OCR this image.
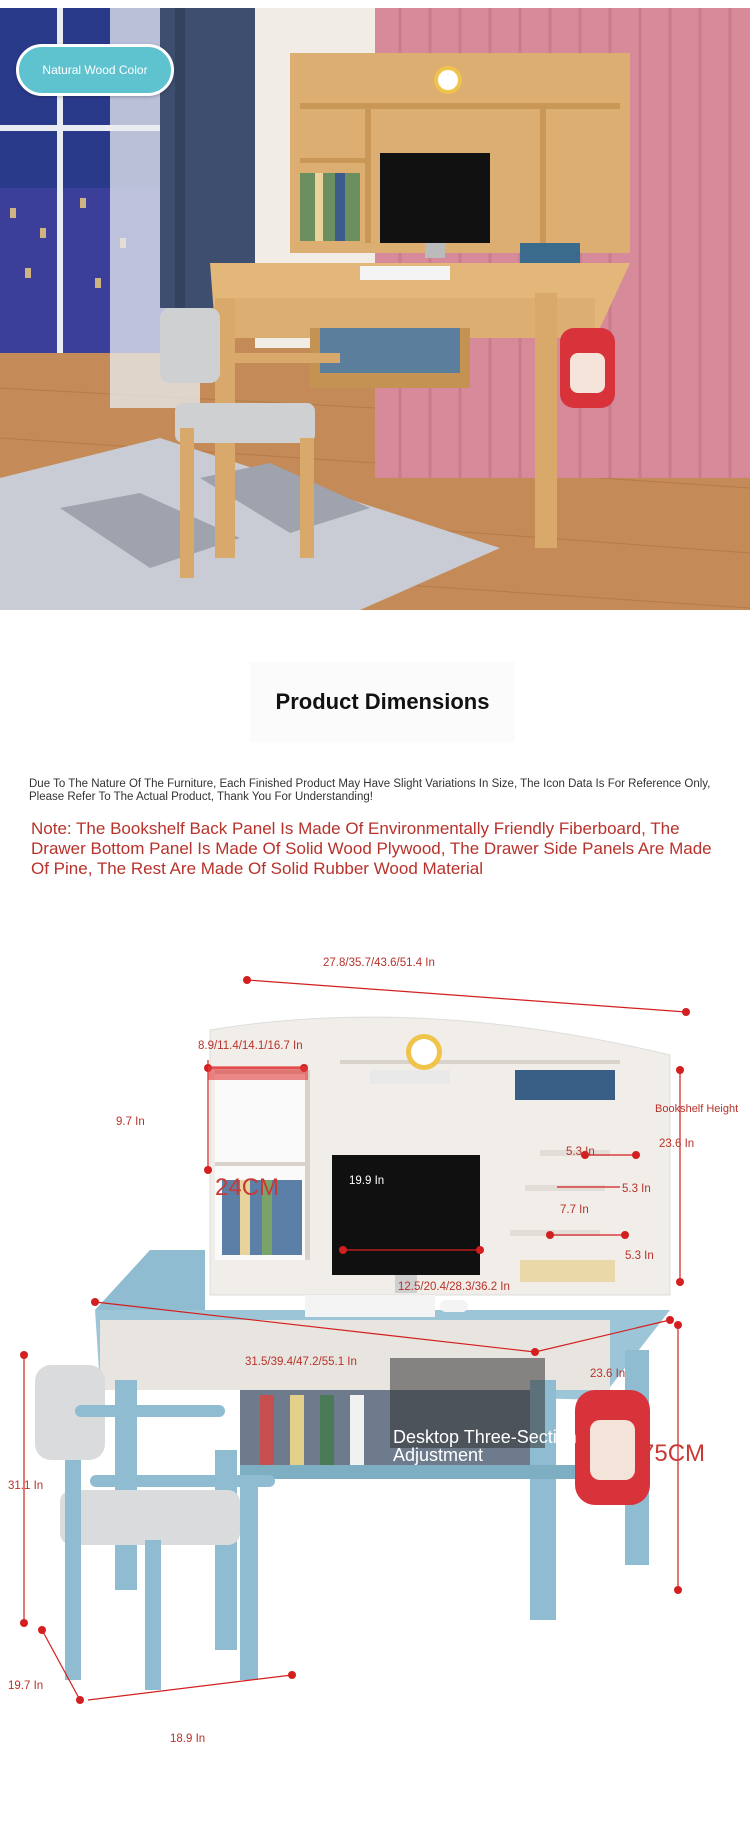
Natural Wood Color
Product Dimensions
Due To The Nature Of The Furniture, Each Finished Product May Have Slight Variations In Size, The Icon Data Is For Reference Only, Please Refer To The Actual Product, Thank You For Understanding!
Note: The Bookshelf Back Panel Is Made Of Environmentally Friendly Fiberboard, The Drawer Bottom Panel Is Made Of Solid Wood Plywood, The Drawer Side Panels Are Made Of Pine, The Rest Are Made Of Solid Rubber Wood Material
27.8/35.7/43.6/51.4 In
8.9/11.4/14.1/16.7 In
9.7 In
24CM	19.9 In
Bookshelf Height
23.6 In
5.3 In
5.3 In
7.7 In
5.3 In
12.5/20.4/28.3/36.2 In
31.5/39.4/47.2/55.1 In
23.6 In
75CM
Desktop Three-Section Adjustment
29.5/27.6/25.6 In
31.1 In
19.7 In
18.9 In
